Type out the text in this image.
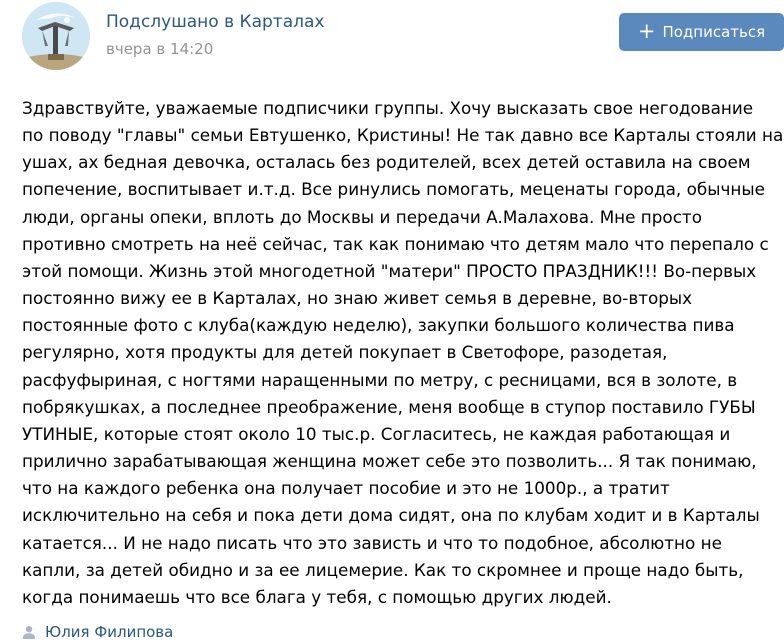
Подслушано в Карталах
вчера в 14:20
+ Подписаться
Здравствуйте, уважаемые подписчики группы. Хочу высказать свое негодование
по поводу "главы" семьи Евтушенко, Кристины! Не так давно все Карталы стояли на
ушах, ах бедная девочка, осталась без родителей, всех детей оставила на своем
попечение, воспитывает и.т.д. Все ринулись помогать, меценаты города, обычные
люди, органы опеки, вплоть до Москвы и передачи А.Малахова. Мне просто
противно смотреть на неё сейчас, так как понимаю что детям мало что перепало с
этой помощи. Жизнь этой многодетной "матери" ПРОСТО ПРАЗДНИК!!! Во-первых
постоянно вижу ее в Карталах, но знаю живет семья в деревне, во-вторых
постоянные фото с клуба(каждую неделю), закупки большого количества пива
регулярно, хотя продукты для детей покупает в Светофоре, разодетая,
расфуфыриная, с ногтями наращенными по метру, с ресницами, вся в золоте, в
побрякушках, а последнее преображение, меня вообще в ступор поставило ГУБЫ
УТИНЫЕ, которые стоят около 10 тыс.р. Согласитесь, не каждая работающая и
прилично зарабатывающая женщина может себе это позволить... Я так понимаю,
что на каждого ребенка она получает пособие и это не 1000р., а тратит
исключительно на себя и пока дети дома сидят, она по клубам ходит и в Карталы
катается... И не надо писать что это зависть и что то подобное, абсолютно не
капли, за детей обидно и за ее лицемерие. Как то скромнее и проще надо быть,
когда понимаешь что все блага у тебя, с помощью других людей.
Юлия Филипова
